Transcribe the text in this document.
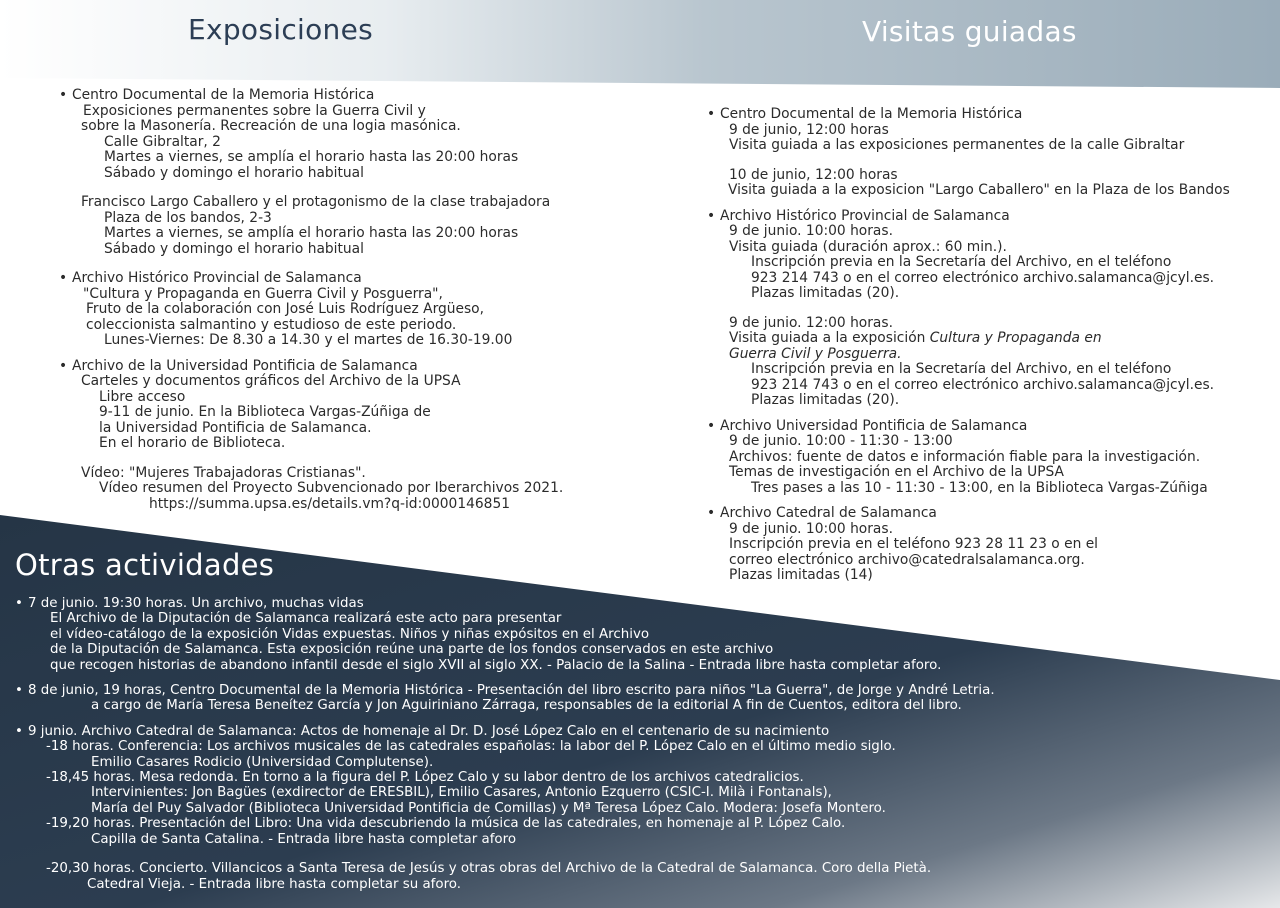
Exposiciones	Visitas guiadas

• Centro Documental de la Memoria Histórica

Exposiciones permanentes sobre la Guerra Civil y

sobre la Masonería. Recreación de una logia masónica.

Calle Gibraltar, 2

Martes a viernes, se amplía el horario hasta las 20:00 horas

Sábado y domingo el horario habitual

Francisco Largo Caballero y el protagonismo de la clase trabajadora

Plaza de los bandos, 2-3

Martes a viernes, se amplía el horario hasta las 20:00 horas

Sábado y domingo el horario habitual

• Archivo Histórico Provincial de Salamanca

"Cultura y Propaganda en Guerra Civil y Posguerra",

Fruto de la colaboración con José Luis Rodríguez Argüeso,

coleccionista salmantino y estudioso de este periodo.

Lunes-Viernes: De 8.30 a 14.30 y el martes de 16.30-19.00

• Archivo de la Universidad Pontificia de Salamanca

Carteles y documentos gráficos del Archivo de la UPSA

Libre acceso

9-11 de junio. En la Biblioteca Vargas-Zúñiga de

la Universidad Pontificia de Salamanca.

En el horario de Biblioteca.

Vídeo: "Mujeres Trabajadoras Cristianas".

Vídeo resumen del Proyecto Subvencionado por Iberarchivos 2021.

https://summa.upsa.es/details.vm?q-id:0000146851

• Centro Documental de la Memoria Histórica

9 de junio, 12:00 horas

Visita guiada a las exposiciones permanentes de la calle Gibraltar

10 de junio, 12:00 horas

Visita guiada a la exposicion "Largo Caballero" en la Plaza de los Bandos

• Archivo Histórico Provincial de Salamanca

9 de junio. 10:00 horas.

Visita guiada (duración aprox.: 60 min.).

Inscripción previa en la Secretaría del Archivo, en el teléfono

923 214 743 o en el correo electrónico archivo.salamanca@jcyl.es.

Plazas limitadas (20).

9 de junio. 12:00 horas.

Visita guiada a la exposición Cultura y Propaganda en

Guerra Civil y Posguerra.

Inscripción previa en la Secretaría del Archivo, en el teléfono

923 214 743 o en el correo electrónico archivo.salamanca@jcyl.es.

Plazas limitadas (20).

• Archivo Universidad Pontificia de Salamanca

9 de junio. 10:00 - 11:30 - 13:00

Archivos: fuente de datos e información fiable para la investigación.

Temas de investigación en el Archivo de la UPSA

Tres pases a las 10 - 11:30 - 13:00, en la Biblioteca Vargas-Zúñiga

• Archivo Catedral de Salamanca

9 de junio. 10:00 horas.

Inscripción previa en el teléfono 923 28 11 23 o en el

correo electrónico archivo@catedralsalamanca.org.

Plazas limitadas (14)

Otras actividades

• 7 de junio. 19:30 horas. Un archivo, muchas vidas

El Archivo de la Diputación de Salamanca realizará este acto para presentar

el vídeo-catálogo de la exposición Vidas expuestas. Niños y niñas expósitos en el Archivo

de la Diputación de Salamanca. Esta exposición reúne una parte de los fondos conservados en este archivo

que recogen historias de abandono infantil desde el siglo XVII al siglo XX. - Palacio de la Salina - Entrada libre hasta completar aforo.

• 8 de junio, 19 horas, Centro Documental de la Memoria Histórica - Presentación del libro escrito para niños "La Guerra", de Jorge y André Letria.

a cargo de María Teresa Beneítez García y Jon Aguiriniano Zárraga, responsables de la editorial A fin de Cuentos, editora del libro.

• 9 junio. Archivo Catedral de Salamanca: Actos de homenaje al Dr. D. José López Calo en el centenario de su nacimiento

-18 horas. Conferencia: Los archivos musicales de las catedrales españolas: la labor del P. López Calo en el último medio siglo.

Emilio Casares Rodicio (Universidad Complutense).

-18,45 horas. Mesa redonda. En torno a la figura del P. López Calo y su labor dentro de los archivos catedralicios.

Intervinientes: Jon Bagües (exdirector de ERESBIL), Emilio Casares, Antonio Ezquerro (CSIC-I. Milà i Fontanals),

María del Puy Salvador (Biblioteca Universidad Pontificia de Comillas) y Mª Teresa López Calo. Modera: Josefa Montero.

-19,20 horas. Presentación del Libro: Una vida descubriendo la música de las catedrales, en homenaje al P. López Calo.

Capilla de Santa Catalina. - Entrada libre hasta completar aforo

-20,30 horas. Concierto. Villancicos a Santa Teresa de Jesús y otras obras del Archivo de la Catedral de Salamanca. Coro della Pietà.

Catedral Vieja. - Entrada libre hasta completar su aforo.
